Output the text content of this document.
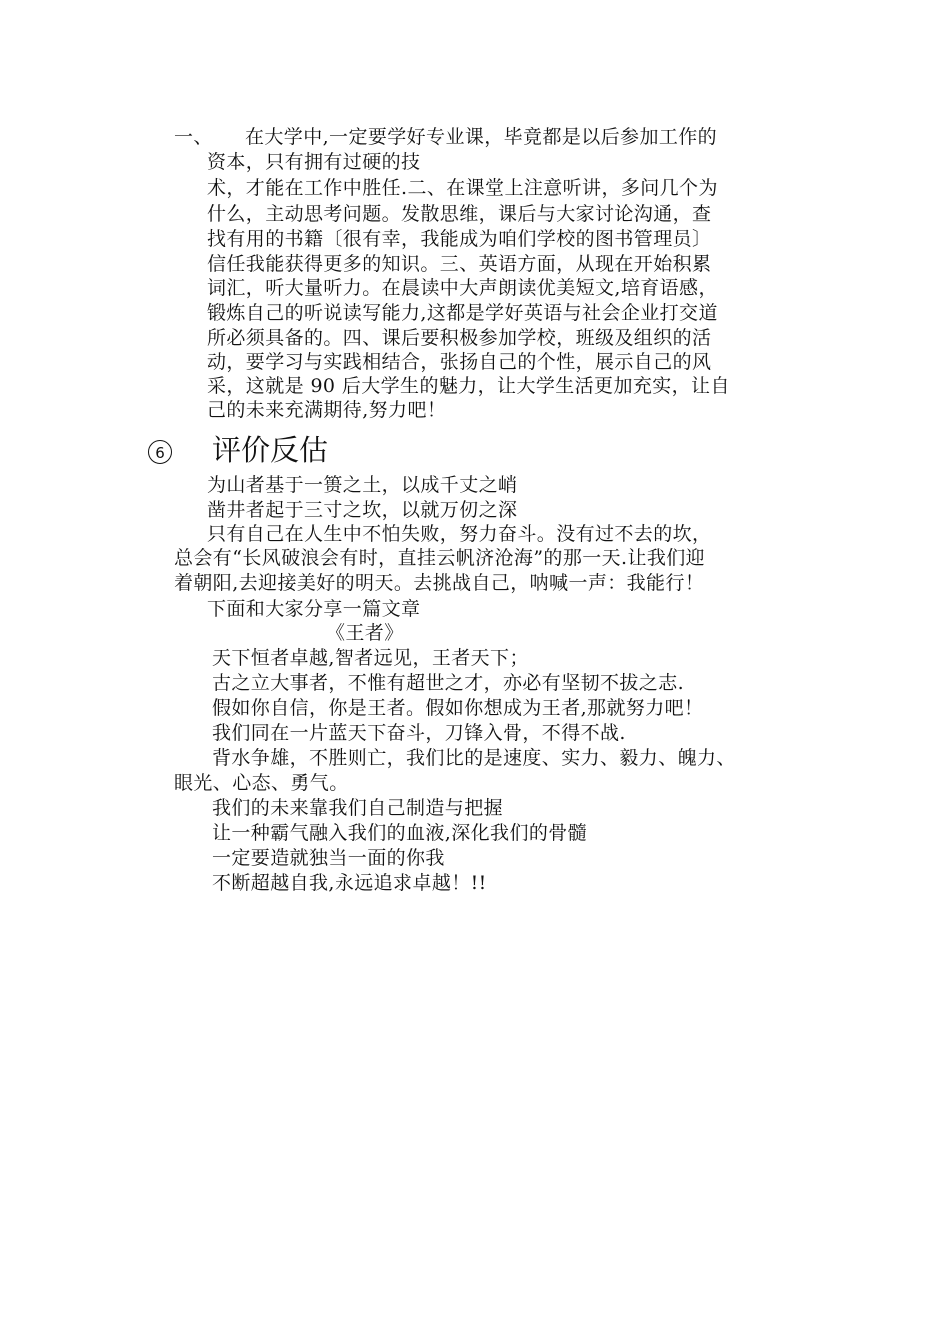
一、 在大学中,一定要学好专业课，毕竟都是以后参加工作的
资本，只有拥有过硬的技
术，才能在工作中胜任.二、在课堂上注意听讲，多问几个为
什么，主动思考问题。发散思维，课后与大家讨论沟通，查
找有用的书籍〔很有幸，我能成为咱们学校的图书管理员〕
信任我能获得更多的知识。三、英语方面，从现在开始积累
词汇，听大量听力。在晨读中大声朗读优美短文,培育语感，
锻炼自己的听说读写能力,这都是学好英语与社会企业打交道
所必须具备的。四、课后要积极参加学校，班级及组织的活
动，要学习与实践相结合，张扬自己的个性，展示自己的风
采，这就是 90 后大学生的魅力，让大学生活更加充实，让自
己的未来充满期待,努力吧！
6 评价反估
为山者基于一篑之土，以成千丈之峭
凿井者起于三寸之坎，以就万仞之深
只有自己在人生中不怕失败，努力奋斗。没有过不去的坎，
总会有“长风破浪会有时，直挂云帆济沧海”的那一天.让我们迎
着朝阳,去迎接美好的明天。去挑战自己，呐喊一声：我能行！
下面和大家分享一篇文章
《王者》
天下恒者卓越,智者远见，王者天下；
古之立大事者，不惟有超世之才，亦必有坚韧不拔之志.
假如你自信，你是王者。假如你想成为王者,那就努力吧！
我们同在一片蓝天下奋斗，刀锋入骨，不得不战.
背水争雄，不胜则亡，我们比的是速度、实力、毅力、魄力、
眼光、心态、勇气。
我们的未来靠我们自己制造与把握
让一种霸气融入我们的血液,深化我们的骨髓
一定要造就独当一面的你我
不断超越自我,永远追求卓越！!!
